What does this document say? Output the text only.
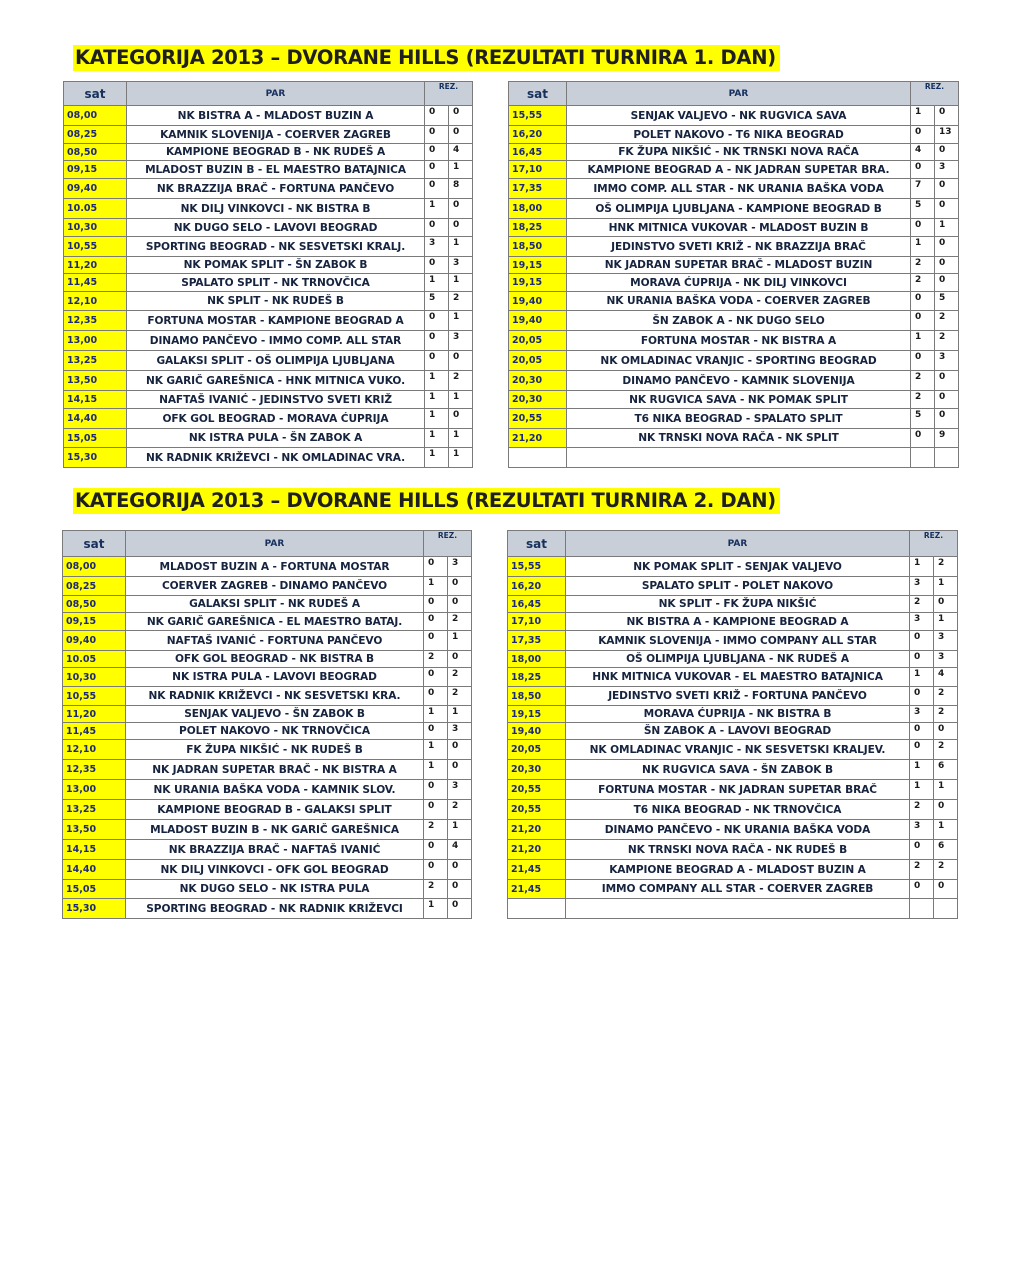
KATEGORIJA 2013 – DVORANE HILLS (REZULTATI TURNIRA 1. DAN)
KATEGORIJA 2013 – DVORANE HILLS (REZULTATI TURNIRA 2. DAN)
sat	PAR	REZ.	
08,00	NK BISTRA A - MLADOST BUZIN A	0	0
08,25	KAMNIK SLOVENIJA - COERVER ZAGREB	0	0
08,50	KAMPIONE BEOGRAD B - NK RUDEŠ A	0	4
09,15	MLADOST BUZIN B - EL MAESTRO BATAJNICA	0	1
09,40	NK BRAZZIJA BRAČ - FORTUNA PANČEVO	0	8
10.05	NK DILJ VINKOVCI - NK BISTRA B	1	0
10,30	NK DUGO SELO - LAVOVI BEOGRAD	0	0
10,55	SPORTING BEOGRAD - NK SESVETSKI KRALJ.	3	1
11,20	NK POMAK SPLIT - ŠN ZABOK B	0	3
11,45	SPALATO SPLIT - NK TRNOVČICA	1	1
12,10	NK SPLIT - NK RUDEŠ B	5	2
12,35	FORTUNA MOSTAR - KAMPIONE BEOGRAD A	0	1
13,00	DINAMO PANČEVO - IMMO COMP. ALL STAR	0	3
13,25	GALAKSI SPLIT - OŠ OLIMPIJA LJUBLJANA	0	0
13,50	NK GARIČ GAREŠNICA - HNK MITNICA VUKO.	1	2
14,15	NAFTAŠ IVANIĆ - JEDINSTVO SVETI KRIŽ	1	1
14,40	OFK GOL BEOGRAD - MORAVA ĆUPRIJA	1	0
15,05	NK ISTRA PULA - ŠN ZABOK A	1	1
15,30	NK RADNIK KRIŽEVCI - NK OMLADINAC VRA.	1	1
sat	PAR	REZ.	
15,55	SENJAK VALJEVO - NK RUGVICA SAVA	1	0
16,20	POLET NAKOVO - T6 NIKA BEOGRAD	0	13
16,45	FK ŽUPA NIKŠIĆ - NK TRNSKI NOVA RAČA	4	0
17,10	KAMPIONE BEOGRAD A - NK JADRAN SUPETAR BRA.	0	3
17,35	IMMO COMP. ALL STAR - NK URANIA BAŠKA VODA	7	0
18,00	OŠ OLIMPIJA LJUBLJANA - KAMPIONE BEOGRAD B	5	0
18,25	HNK MITNICA VUKOVAR - MLADOST BUZIN B	0	1
18,50	JEDINSTVO SVETI KRIŽ - NK BRAZZIJA BRAČ	1	0
19,15	NK JADRAN SUPETAR BRAČ - MLADOST BUZIN	2	0
19,15	MORAVA ĆUPRIJA - NK DILJ VINKOVCI	2	0
19,40	NK URANIA BAŠKA VODA - COERVER ZAGREB	0	5
19,40	ŠN ZABOK A - NK DUGO SELO	0	2
20,05	FORTUNA MOSTAR - NK BISTRA A	1	2
20,05	NK OMLADINAC VRANJIC - SPORTING BEOGRAD	0	3
20,30	DINAMO PANČEVO - KAMNIK SLOVENIJA	2	0
20,30	NK RUGVICA SAVA - NK POMAK SPLIT	2	0
20,55	T6 NIKA BEOGRAD - SPALATO SPLIT	5	0
21,20	NK TRNSKI NOVA RAČA - NK SPLIT	0	9

sat	PAR	REZ.	
08,00	MLADOST BUZIN A - FORTUNA MOSTAR	0	3
08,25	COERVER ZAGREB - DINAMO PANČEVO	1	0
08,50	GALAKSI SPLIT - NK RUDEŠ A	0	0
09,15	NK GARIČ GAREŠNICA - EL MAESTRO BATAJ.	0	2
09,40	NAFTAŠ IVANIĆ - FORTUNA PANČEVO	0	1
10.05	OFK GOL BEOGRAD - NK BISTRA B	2	0
10,30	NK ISTRA PULA - LAVOVI BEOGRAD	0	2
10,55	NK RADNIK KRIŽEVCI - NK SESVETSKI KRA.	0	2
11,20	SENJAK VALJEVO - ŠN ZABOK B	1	1
11,45	POLET NAKOVO - NK TRNOVČICA	0	3
12,10	FK ŽUPA NIKŠIĆ - NK RUDEŠ B	1	0
12,35	NK JADRAN SUPETAR BRAČ - NK BISTRA A	1	0
13,00	NK URANIA BAŠKA VODA - KAMNIK SLOV.	0	3
13,25	KAMPIONE BEOGRAD B - GALAKSI SPLIT	0	2
13,50	MLADOST BUZIN B - NK GARIČ GAREŠNICA	2	1
14,15	NK BRAZZIJA BRAČ - NAFTAŠ IVANIĆ	0	4
14,40	NK DILJ VINKOVCI - OFK GOL BEOGRAD	0	0
15,05	NK DUGO SELO - NK ISTRA PULA	2	0
15,30	SPORTING BEOGRAD - NK RADNIK KRIŽEVCI	1	0
sat	PAR	REZ.	
15,55	NK POMAK SPLIT - SENJAK VALJEVO	1	2
16,20	SPALATO SPLIT - POLET NAKOVO	3	1
16,45	NK SPLIT - FK ŽUPA NIKŠIĆ	2	0
17,10	NK BISTRA A - KAMPIONE BEOGRAD A	3	1
17,35	KAMNIK SLOVENIJA - IMMO COMPANY ALL STAR	0	3
18,00	OŠ OLIMPIJA LJUBLJANA - NK RUDEŠ A	0	3
18,25	HNK MITNICA VUKOVAR - EL MAESTRO BATAJNICA	1	4
18,50	JEDINSTVO SVETI KRIŽ - FORTUNA PANČEVO	0	2
19,15	MORAVA ĆUPRIJA - NK BISTRA B	3	2
19,40	ŠN ZABOK A - LAVOVI BEOGRAD	0	0
20,05	NK OMLADINAC VRANJIC - NK SESVETSKI KRALJEV.	0	2
20,30	NK RUGVICA SAVA - ŠN ZABOK B	1	6
20,55	FORTUNA MOSTAR - NK JADRAN SUPETAR BRAČ	1	1
20,55	T6 NIKA BEOGRAD - NK TRNOVČICA	2	0
21,20	DINAMO PANČEVO - NK URANIA BAŠKA VODA	3	1
21,20	NK TRNSKI NOVA RAČA - NK RUDEŠ B	0	6
21,45	KAMPIONE BEOGRAD A - MLADOST BUZIN A	2	2
21,45	IMMO COMPANY ALL STAR - COERVER ZAGREB	0	0
